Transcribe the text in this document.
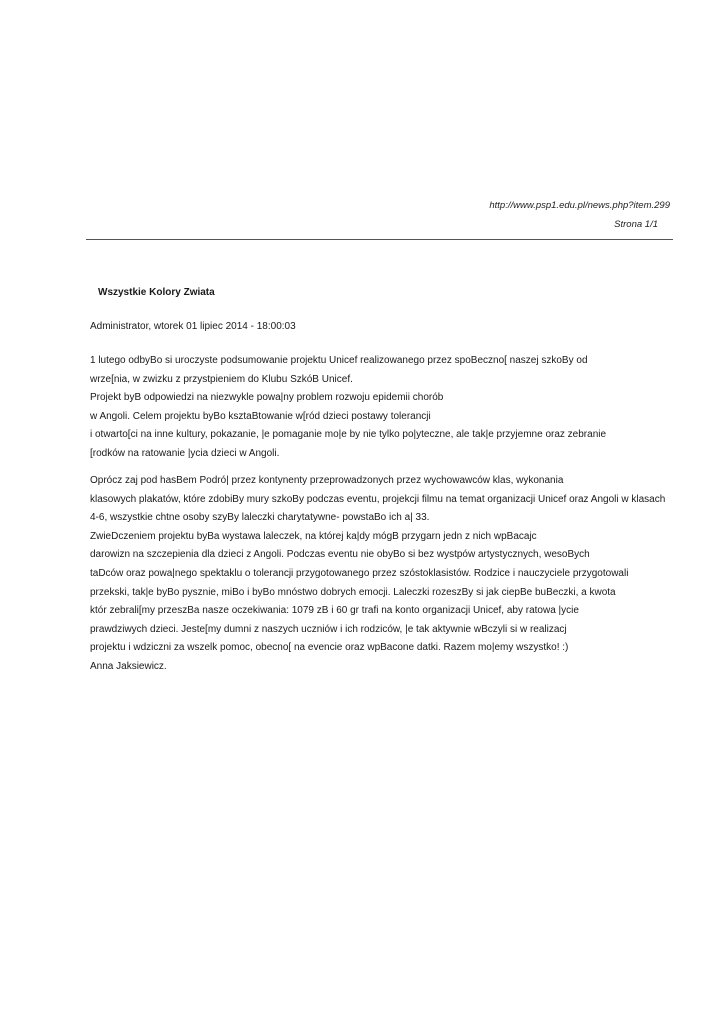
http://www.psp1.edu.pl/news.php?item.299
Strona 1/1
Wszystkie Kolory Zwiata
Administrator, wtorek 01 lipiec 2014 - 18:00:03
1 lutego odbyBo si uroczyste podsumowanie projektu Unicef realizowanego przez spoBeczno[ naszej szkoBy od
wrze[nia, w zwizku z przystpieniem do Klubu SzkóB Unicef.
Projekt byB odpowiedzi na niezwykle powa|ny problem rozwoju epidemii chorób
w Angoli. Celem projektu byBo ksztaBtowanie w[ród dzieci postawy tolerancji
i otwarto[ci na inne kultury, pokazanie, |e pomaganie mo|e by nie tylko po|yteczne, ale tak|e przyjemne oraz zebranie
[rodków na ratowanie |ycia dzieci w Angoli.
Oprócz zaj pod hasBem Podró| przez kontynenty przeprowadzonych przez wychowawców klas, wykonania
klasowych plakatów, które zdobiBy mury szkoBy podczas eventu, projekcji filmu na temat organizacji Unicef oraz Angoli w klasach
4-6, wszystkie chtne osoby szyBy laleczki charytatywne- powstaBo ich a| 33.
ZwieDczeniem projektu byBa wystawa laleczek, na której ka|dy mógB przygarn jedn z nich wpBacajc
darowizn na szczepienia dla dzieci z Angoli. Podczas eventu nie obyBo si bez wystpów artystycznych, wesoBych
taDców oraz powa|nego spektaklu o tolerancji przygotowanego przez szóstoklasistów. Rodzice i nauczyciele przygotowali
przekski, tak|e byBo pysznie, miBo i byBo mnóstwo dobrych emocji. Laleczki rozeszBy si jak ciepBe buBeczki, a kwota
któr zebrali[my przeszBa nasze oczekiwania: 1079 zB i 60 gr trafi na konto organizacji Unicef, aby ratowa |ycie
prawdziwych dzieci. Jeste[my dumni z naszych uczniów i ich rodziców, |e tak aktywnie wBczyli si w realizacj
projektu i wdziczni za wszelk pomoc, obecno[ na evencie oraz wpBacone datki. Razem mo|emy wszystko! :)
Anna Jaksiewicz.
